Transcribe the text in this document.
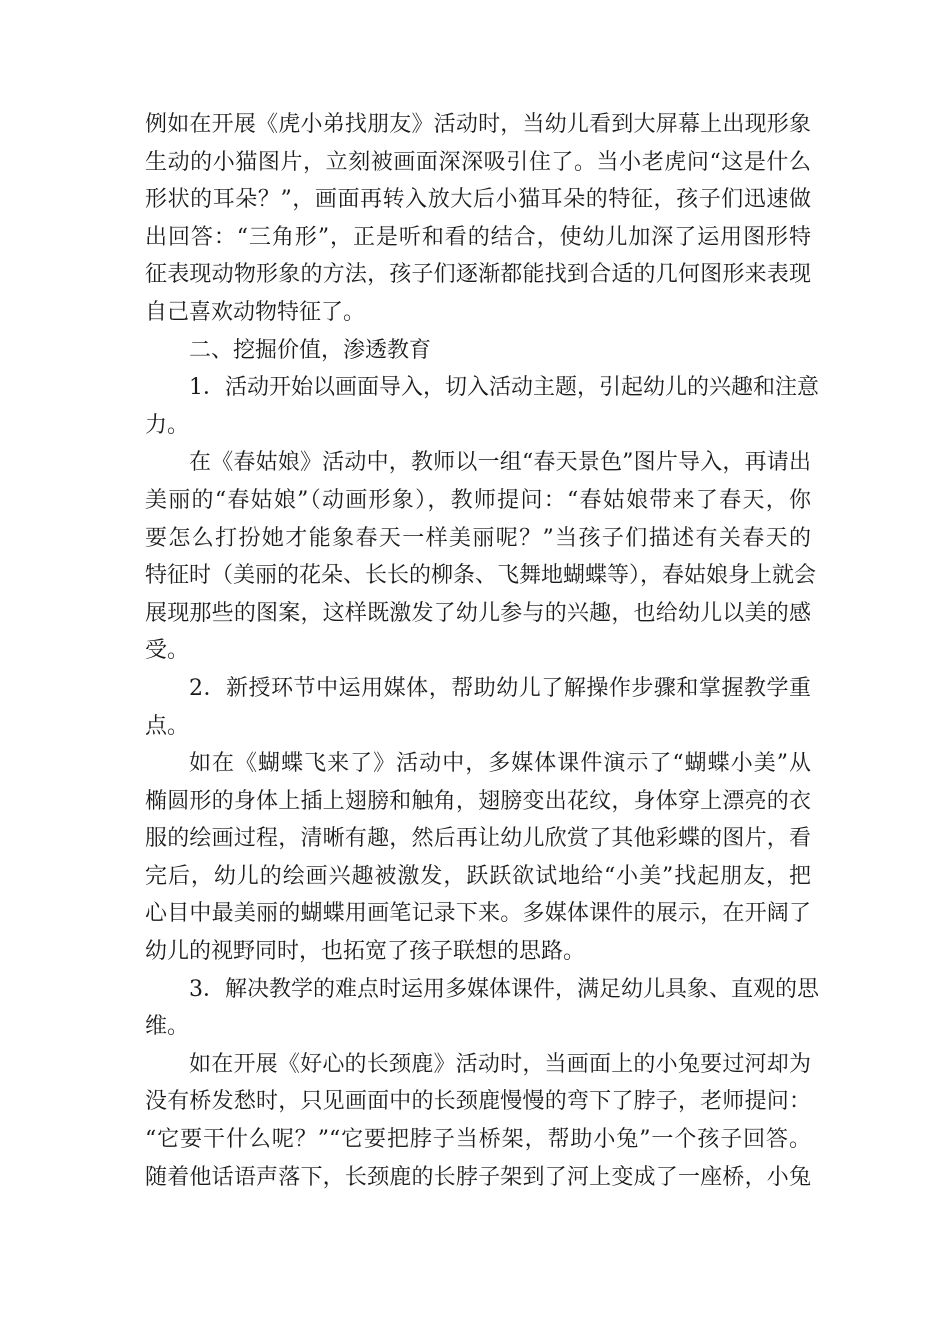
例如在开展《虎小弟找朋友》活动时，当幼儿看到大屏幕上出现形象
生动的小猫图片，立刻被画面深深吸引住了。当小老虎问“这是什么
形状的耳朵？”，画面再转入放大后小猫耳朵的特征，孩子们迅速做
出回答：“三角形”，正是听和看的结合，使幼儿加深了运用图形特
征表现动物形象的方法，孩子们逐渐都能找到合适的几何图形来表现
自己喜欢动物特征了。
二、挖掘价值，渗透教育
1．活动开始以画面导入，切入活动主题，引起幼儿的兴趣和注意
力。
在《春姑娘》活动中，教师以一组“春天景色”图片导入，再请出
美丽的“春姑娘”（动画形象），教师提问：“春姑娘带来了春天，你
要怎么打扮她才能象春天一样美丽呢？”当孩子们描述有关春天的
特征时（美丽的花朵、长长的柳条、飞舞地蝴蝶等），春姑娘身上就会
展现那些的图案，这样既激发了幼儿参与的兴趣，也给幼儿以美的感
受。
2．新授环节中运用媒体，帮助幼儿了解操作步骤和掌握教学重
点。
如在《蝴蝶飞来了》活动中，多媒体课件演示了“蝴蝶小美”从
椭圆形的身体上插上翅膀和触角，翅膀变出花纹，身体穿上漂亮的衣
服的绘画过程，清晰有趣，然后再让幼儿欣赏了其他彩蝶的图片，看
完后，幼儿的绘画兴趣被激发，跃跃欲试地给“小美”找起朋友，把
心目中最美丽的蝴蝶用画笔记录下来。多媒体课件的展示，在开阔了
幼儿的视野同时，也拓宽了孩子联想的思路。
3．解决教学的难点时运用多媒体课件，满足幼儿具象、直观的思
维。
如在开展《好心的长颈鹿》活动时，当画面上的小兔要过河却为
没有桥发愁时，只见画面中的长颈鹿慢慢的弯下了脖子，老师提问：
“它要干什么呢？”“它要把脖子当桥架，帮助小兔”一个孩子回答。
随着他话语声落下，长颈鹿的长脖子架到了河上变成了一座桥，小兔
